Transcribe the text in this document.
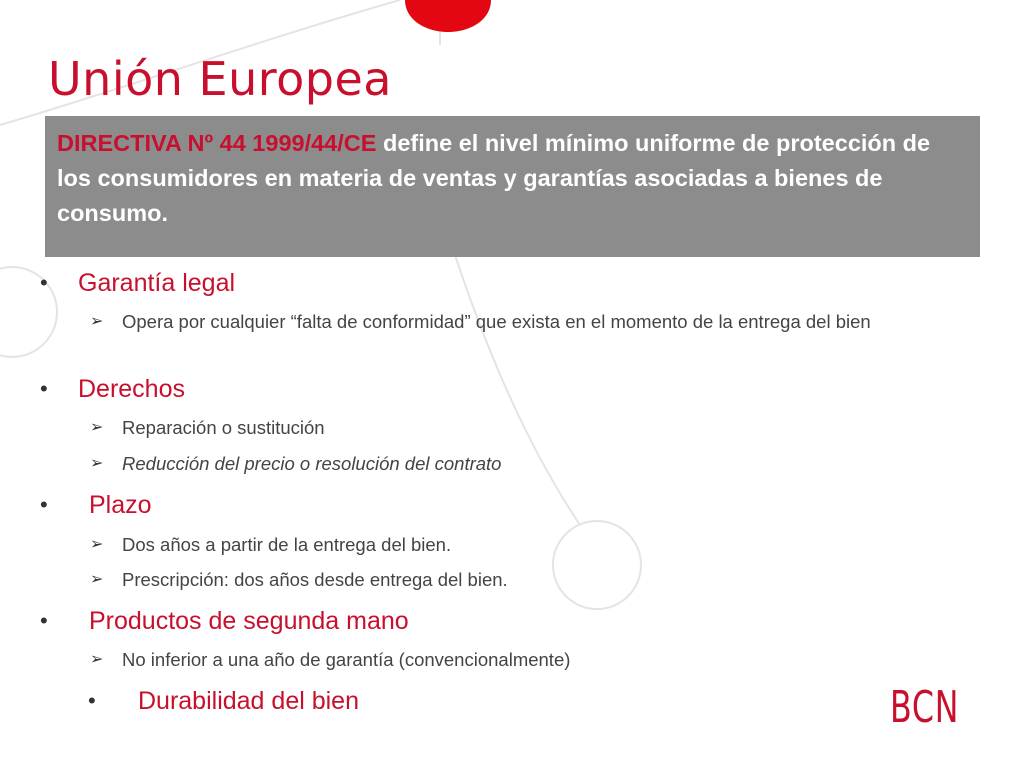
Unión Europea
DIRECTIVA Nº 44 1999/44/CE define el nivel mínimo uniforme de protección de los consumidores en materia de ventas y garantías asociadas a bienes de consumo.
• Garantía legal
➢ Opera por cualquier “falta de conformidad” que exista en el momento de la entrega del bien
• Derechos
➢ Reparación o sustitución
➢ Reducción del precio o resolución del contrato
• Plazo
➢ Dos años a partir de la entrega del bien.
➢ Prescripción: dos años desde entrega del bien.
• Productos de segunda mano
➢ No inferior a una año de garantía (convencionalmente)
• Durabilidad del bien	BCN
